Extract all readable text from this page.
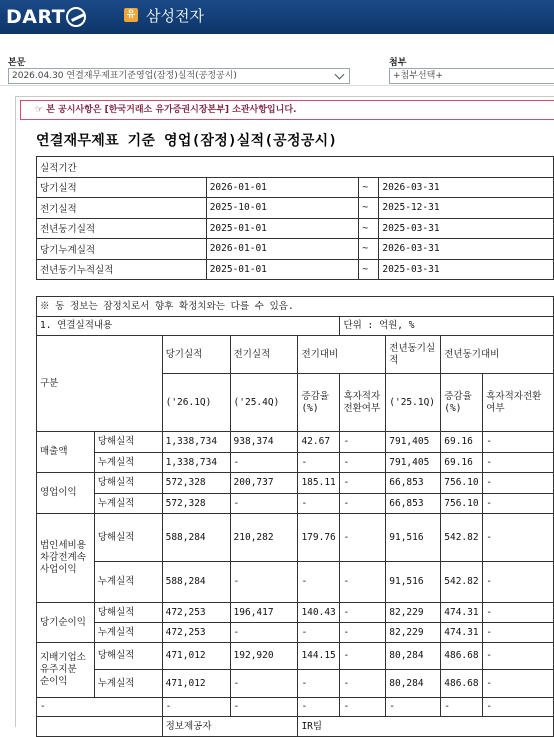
DART	유 삼성전자
본문
2026.04.30 연결재무제표기준영업(잠정)실적(공정공시)
첨부
+첨부선택+
☞ 본 공시사항은 [한국거래소 유가증권시장본부] 소관사항입니다.
연결재무제표 기준 영업(잠정)실적(공정공시)
실적기간			
당기실적	2026-01-01	~	2026-03-31
전기실적	2025-10-01	~	2025-12-31
전년동기실적	2025-01-01	~	2025-03-31
당기누계실적	2026-01-01	~	2026-03-31
전년동기누적실적	2025-01-01	~	2025-03-31
※ 동 정보는 잠정치로서 향후 확정치와는 다를 수 있음.								
1. 연결실적내용					단위 : 억원, %			
구분		당기실적	전기실적	전기대비		전년동기실적	전년동기대비	
		('26.1Q)	('25.4Q)	증감율(%)	흑자적자전환여부	('25.1Q)	증감율(%)	흑자적자전환여부

매출액	당해실적	1,338,734	938,374	42.67	-	791,405	69.16	-
	누계실적	1,338,734	-	-	-	791,405	69.16	-
영업이익	당해실적	572,328	200,737	185.11	-	66,853	756.10	-
	누계실적	572,328	-	-	-	66,853	756.10	-
법인세비용차감전계속사업이익	당해실적	588,284	210,282	179.76	-	91,516	542.82	-
	누계실적	588,284	-	-	-	91,516	542.82	-
당기순이익	당해실적	472,253	196,417	140.43	-	82,229	474.31	-
	누계실적	472,253	-	-	-	82,229	474.31	-
지배기업소유주지분 순이익	당해실적	471,012	192,920	144.15	-	80,284	486.68	-
	누계실적	471,012	-	-	-	80,284	486.68	-
-		-	-	-	-	-	-	-
		정보제공자		IR팀				
